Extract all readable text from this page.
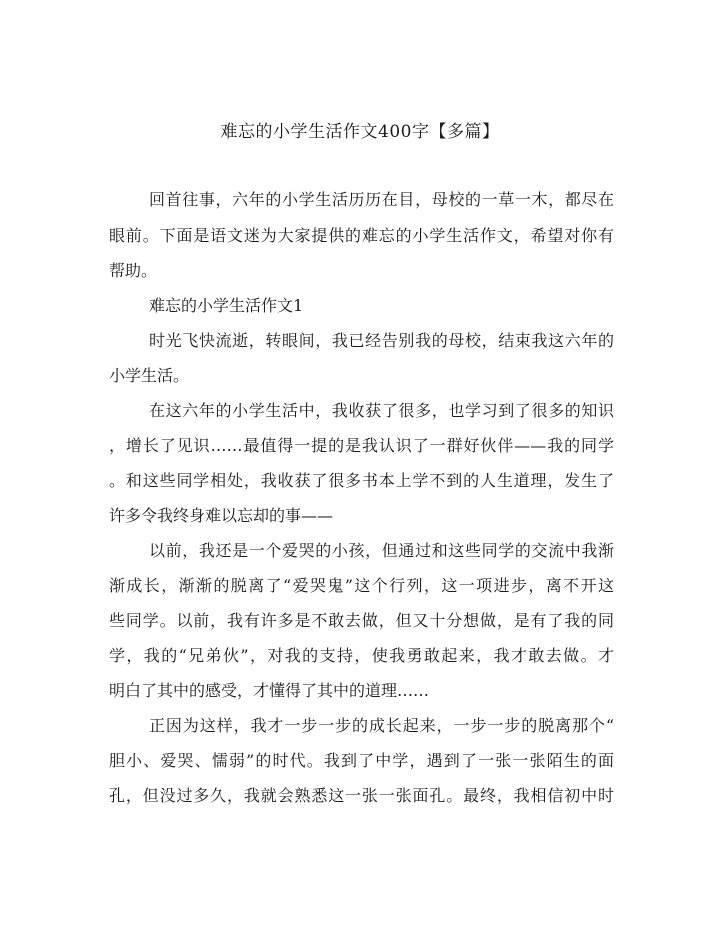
难忘的小学生活作文400字【多篇】
回首往事，六年的小学生活历历在目，母校的一草一木，都尽在
眼前。下面是语文迷为大家提供的难忘的小学生活作文，希望对你有
帮助。
难忘的小学生活作文1
时光飞快流逝，转眼间，我已经告别我的母校，结束我这六年的
小学生活。
在这六年的小学生活中，我收获了很多，也学习到了很多的知识
，增长了见识……最值得一提的是我认识了一群好伙伴——我的同学
。和这些同学相处，我收获了很多书本上学不到的人生道理，发生了
许多令我终身难以忘却的事——
以前，我还是一个爱哭的小孩，但通过和这些同学的交流中我渐
渐成长，渐渐的脱离了“爱哭鬼”这个行列，这一项进步，离不开这
些同学。以前，我有许多是不敢去做，但又十分想做，是有了我的同
学，我的“兄弟伙”，对我的支持，使我勇敢起来，我才敢去做。才
明白了其中的感受，才懂得了其中的道理……
正因为这样，我才一步一步的成长起来，一步一步的脱离那个“
胆小、爱哭、懦弱”的时代。我到了中学，遇到了一张一张陌生的面
孔，但没过多久，我就会熟悉这一张一张面孔。最终，我相信初中时
